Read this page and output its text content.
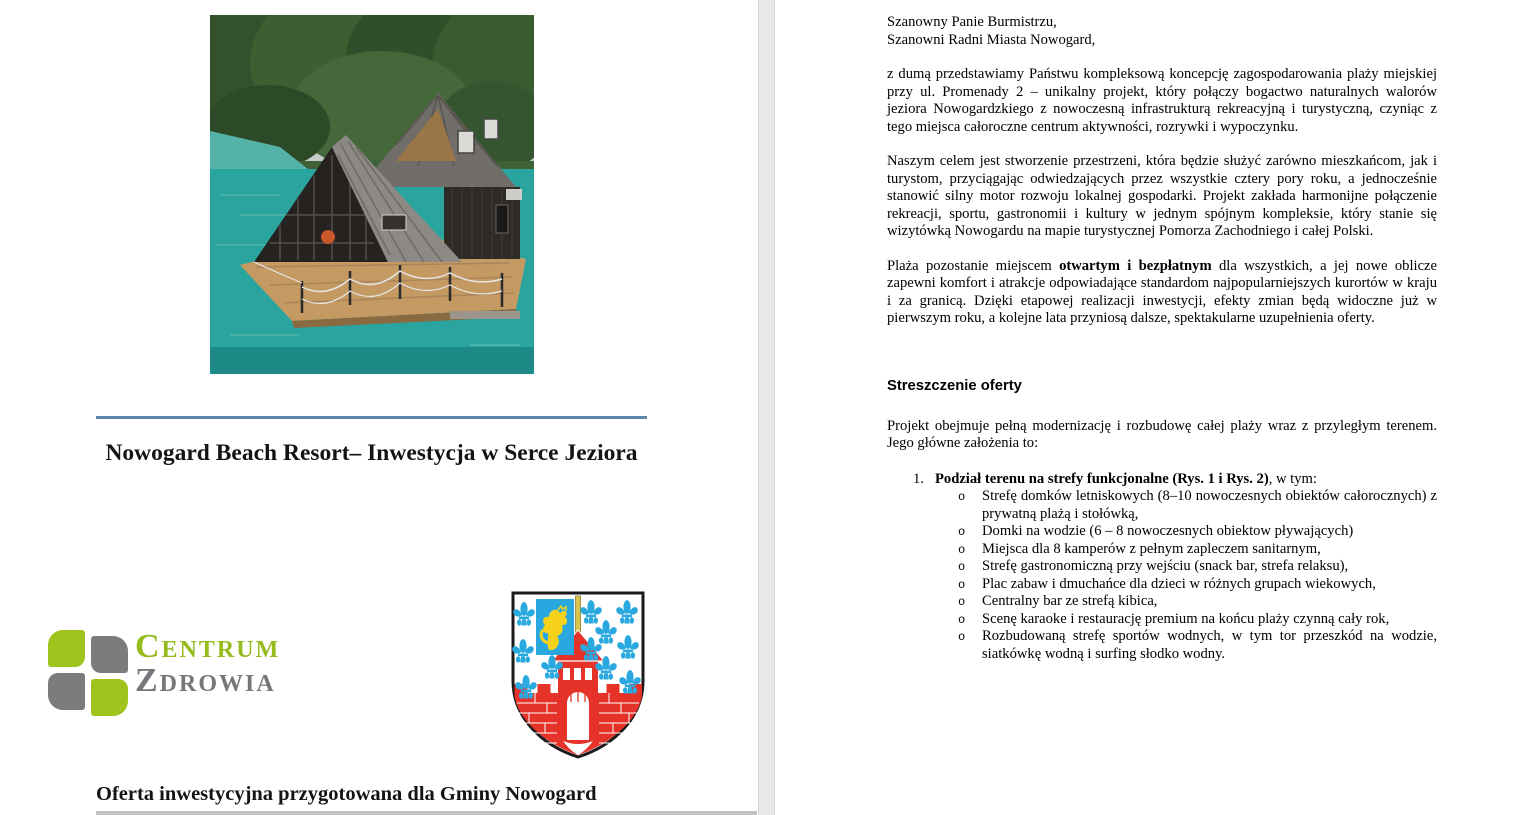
Nowogard Beach Resort– Inwestycja w Serce Jeziora
Centrum
Zdrowia
Oferta inwestycyjna przygotowana dla Gminy Nowogard
Szanowny Panie Burmistrzu,
Szanowni Radni Miasta Nowogard,

z dumą przedstawiamy Państwu kompleksową koncepcję zagospodarowania plaży miejskiej przy ul. Promenady 2 – unikalny projekt, który połączy bogactwo naturalnych walorów jeziora Nowogardzkiego z nowoczesną infrastrukturą rekreacyjną i turystyczną, czyniąc z tego miejsca całoroczne centrum aktywności, rozrywki i wypoczynku.

Naszym celem jest stworzenie przestrzeni, która będzie służyć zarówno mieszkańcom, jak i turystom, przyciągając odwiedzających przez wszystkie cztery pory roku, a jednocześnie stanowić silny motor rozwoju lokalnej gospodarki. Projekt zakłada harmonijne połączenie rekreacji, sportu, gastronomii i kultury w jednym spójnym kompleksie, który stanie się wizytówką Nowogardu na mapie turystycznej Pomorza Zachodniego i całej Polski.

Plaża pozostanie miejscem otwartym i bezpłatnym dla wszystkich, a jej nowe oblicze zapewni komfort i atrakcje odpowiadające standardom najpopularniejszych kurortów w kraju i za granicą. Dzięki etapowej realizacji inwestycji, efekty zmian będą widoczne już w pierwszym roku, a kolejne lata przyniosą dalsze, spektakularne uzupełnienia oferty.

Streszczenie oferty

Projekt obejmuje pełną modernizację i rozbudowę całej plaży wraz z przyległym terenem. Jego główne założenia to:

1. Podział terenu na strefy funkcjonalne (Rys. 1 i Rys. 2), w tym:
o Strefę domków letniskowych (8–10 nowoczesnych obiektów całorocznych) z prywatną plażą i stołówką,
o Domki na wodzie (6 – 8 nowoczesnych obiektow pływających)
o Miejsca dla 8 kamperów z pełnym zapleczem sanitarnym,
o Strefę gastronomiczną przy wejściu (snack bar, strefa relaksu),
o Plac zabaw i dmuchańce dla dzieci w różnych grupach wiekowych,
o Centralny bar ze strefą kibica,
o Scenę karaoke i restaurację premium na końcu plaży czynną cały rok,
o Rozbudowaną strefę sportów wodnych, w tym tor przeszkód na wodzie, siatkówkę wodną i surfing słodko wodny.
